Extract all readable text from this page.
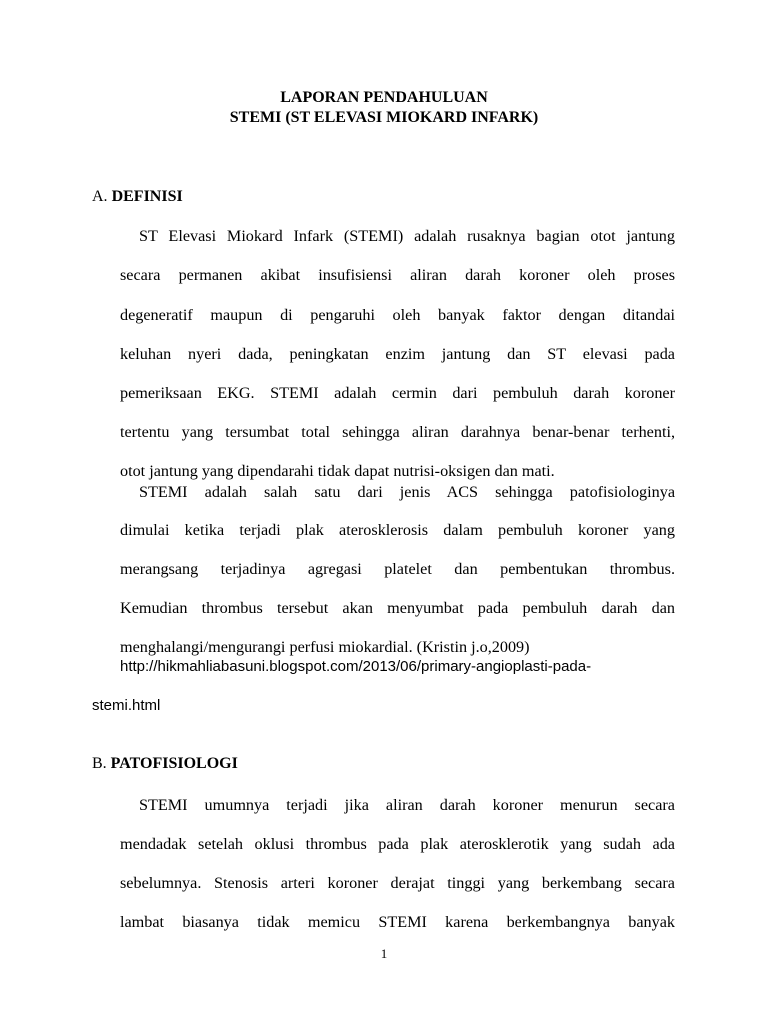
LAPORAN PENDAHULUAN
STEMI (ST ELEVASI MIOKARD INFARK)
A. DEFINISI
ST Elevasi Miokard Infark (STEMI) adalah rusaknya bagian otot jantung
secara permanen akibat insufisiensi aliran darah koroner oleh proses
degeneratif maupun di pengaruhi oleh banyak faktor dengan ditandai
keluhan nyeri dada, peningkatan enzim jantung dan ST elevasi pada
pemeriksaan EKG. STEMI adalah cermin dari pembuluh darah koroner
tertentu yang tersumbat total sehingga aliran darahnya benar-benar terhenti,
otot jantung yang dipendarahi tidak dapat nutrisi-oksigen dan mati.
STEMI adalah salah satu dari jenis ACS sehingga patofisiologinya
dimulai ketika terjadi plak aterosklerosis dalam pembuluh koroner yang
merangsang terjadinya agregasi platelet dan pembentukan thrombus.
Kemudian thrombus tersebut akan menyumbat pada pembuluh darah dan
menghalangi/mengurangi perfusi miokardial. (Kristin j.o,2009)
http://hikmahliabasuni.blogspot.com/2013/06/primary-angioplasti-pada-
stemi.html
B. PATOFISIOLOGI
STEMI umumnya terjadi jika aliran darah koroner menurun secara
mendadak setelah oklusi thrombus pada plak aterosklerotik yang sudah ada
sebelumnya. Stenosis arteri koroner derajat tinggi yang berkembang secara
lambat biasanya tidak memicu STEMI karena berkembangnya banyak
1
